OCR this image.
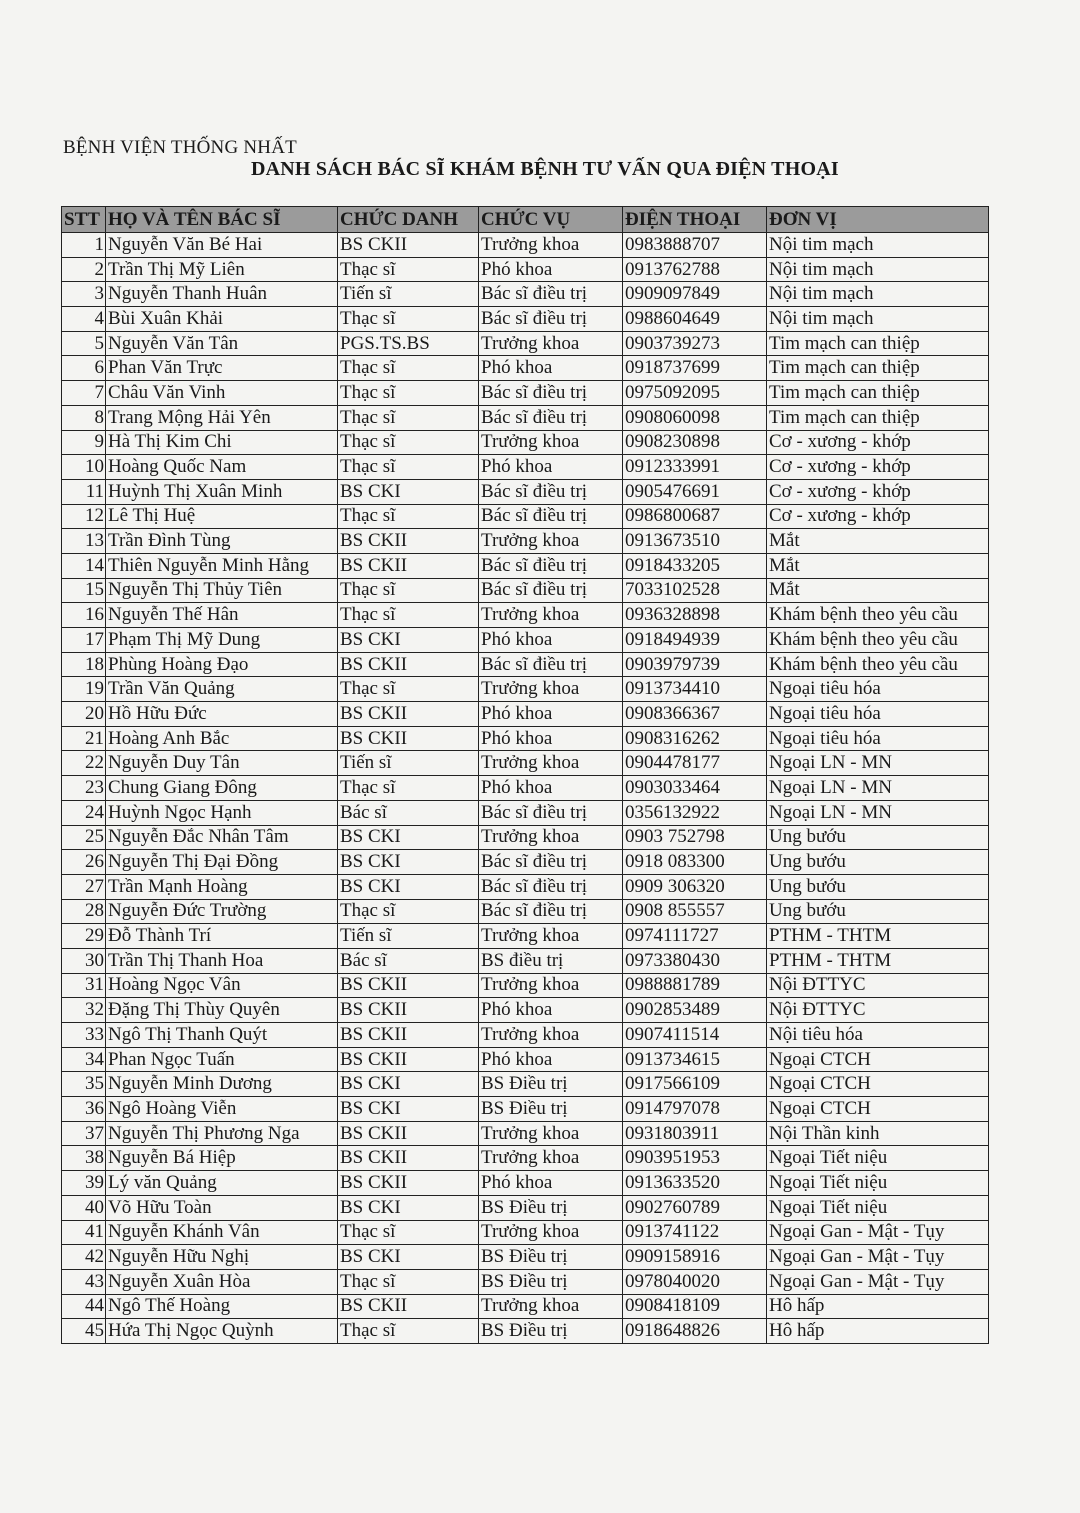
BỆNH VIỆN THỐNG NHẤT
DANH SÁCH BÁC SĨ KHÁM BỆNH TƯ VẤN QUA ĐIỆN THOẠI
STT	HỌ VÀ TÊN BÁC SĨ	CHỨC DANH	CHỨC VỤ	ĐIỆN THOẠI	ĐƠN VỊ
1	Nguyễn Văn Bé Hai	BS CKII	Trưởng khoa	0983888707	Nội tim mạch
2	Trần Thị Mỹ Liên	Thạc sĩ	Phó khoa	0913762788	Nội tim mạch
3	Nguyễn Thanh Huân	Tiến sĩ	Bác sĩ điều trị	0909097849	Nội tim mạch
4	Bùi Xuân Khải	Thạc sĩ	Bác sĩ điều trị	0988604649	Nội tim mạch
5	Nguyễn Văn Tân	PGS.TS.BS	Trưởng khoa	0903739273	Tim mạch can thiệp
6	Phan Văn Trực	Thạc sĩ	Phó khoa	0918737699	Tim mạch can thiệp
7	Châu Văn Vinh	Thạc sĩ	Bác sĩ điều trị	0975092095	Tim mạch can thiệp
8	Trang Mộng Hải Yên	Thạc sĩ	Bác sĩ điều trị	0908060098	Tim mạch can thiệp
9	Hà Thị Kim Chi	Thạc sĩ	Trưởng khoa	0908230898	Cơ - xương - khớp
10	Hoàng Quốc Nam	Thạc sĩ	Phó khoa	0912333991	Cơ - xương - khớp
11	Huỳnh Thị Xuân Minh	BS CKI	Bác sĩ điều trị	0905476691	Cơ - xương - khớp
12	Lê Thị Huệ	Thạc sĩ	Bác sĩ điều trị	0986800687	Cơ - xương - khớp
13	Trần Đình Tùng	BS CKII	Trưởng khoa	0913673510	Mắt
14	Thiên Nguyễn Minh Hằng	BS CKII	Bác sĩ điều trị	0918433205	Mắt
15	Nguyễn Thị Thủy Tiên	Thạc sĩ	Bác sĩ điều trị	7033102528	Mắt
16	Nguyễn Thế Hân	Thạc sĩ	Trưởng khoa	0936328898	Khám bệnh theo yêu cầu
17	Phạm Thị Mỹ Dung	BS CKI	Phó khoa	0918494939	Khám bệnh theo yêu cầu
18	Phùng Hoàng Đạo	BS CKII	Bác sĩ điều trị	0903979739	Khám bệnh theo yêu cầu
19	Trần Văn Quảng	Thạc sĩ	Trưởng khoa	0913734410	Ngoại tiêu hóa
20	Hồ Hữu Đức	BS CKII	Phó khoa	0908366367	Ngoại tiêu hóa
21	Hoàng Anh Bắc	BS CKII	Phó khoa	0908316262	Ngoại tiêu hóa
22	Nguyễn Duy Tân	Tiến sĩ	Trưởng khoa	0904478177	Ngoại LN - MN
23	Chung Giang Đông	Thạc sĩ	Phó khoa	0903033464	Ngoại LN - MN
24	Huỳnh Ngọc Hạnh	Bác sĩ	Bác sĩ điều trị	0356132922	Ngoại LN - MN
25	Nguyễn Đắc Nhân Tâm	BS CKI	Trưởng khoa	0903 752798	Ung bướu
26	Nguyễn Thị Đại Đồng	BS CKI	Bác sĩ điều trị	0918 083300	Ung bướu
27	Trần Mạnh Hoàng	BS CKI	Bác sĩ điều trị	0909 306320	Ung bướu
28	Nguyễn Đức Trường	Thạc sĩ	Bác sĩ điều trị	0908 855557	Ung bướu
29	Đỗ Thành Trí	Tiến sĩ	Trưởng khoa	0974111727	PTHM - THTM
30	Trần Thị Thanh Hoa	Bác sĩ	BS điều trị	0973380430	PTHM - THTM
31	Hoàng Ngọc Vân	BS CKII	Trưởng khoa	0988881789	Nội ĐTTYC
32	Đặng Thị Thùy Quyên	BS CKII	Phó khoa	0902853489	Nội ĐTTYC
33	Ngô Thị Thanh Quýt	BS CKII	Trưởng khoa	0907411514	Nội tiêu hóa
34	Phan Ngọc Tuấn	BS CKII	Phó khoa	0913734615	Ngoại CTCH
35	Nguyễn Minh Dương	BS CKI	BS Điều trị	0917566109	Ngoại CTCH
36	Ngô Hoàng Viễn	BS CKI	BS Điều trị	0914797078	Ngoại CTCH
37	Nguyễn Thị Phương Nga	BS CKII	Trưởng khoa	0931803911	Nội Thần kinh
38	Nguyễn Bá Hiệp	BS CKII	Trưởng khoa	0903951953	Ngoại Tiết niệu
39	Lý văn Quảng	BS CKII	Phó khoa	0913633520	Ngoại Tiết niệu
40	Võ Hữu Toàn	BS CKI	BS Điều trị	0902760789	Ngoại Tiết niệu
41	Nguyễn Khánh Vân	Thạc sĩ	Trưởng khoa	0913741122	Ngoại Gan - Mật - Tụy
42	Nguyễn Hữu Nghị	BS CKI	BS Điều trị	0909158916	Ngoại Gan - Mật - Tụy
43	Nguyễn Xuân Hòa	Thạc sĩ	BS Điều trị	0978040020	Ngoại Gan - Mật - Tụy
44	Ngô Thế Hoàng	BS CKII	Trưởng khoa	0908418109	Hô hấp
45	Hứa Thị Ngọc Quỳnh	Thạc sĩ	BS Điều trị	0918648826	Hô hấp
